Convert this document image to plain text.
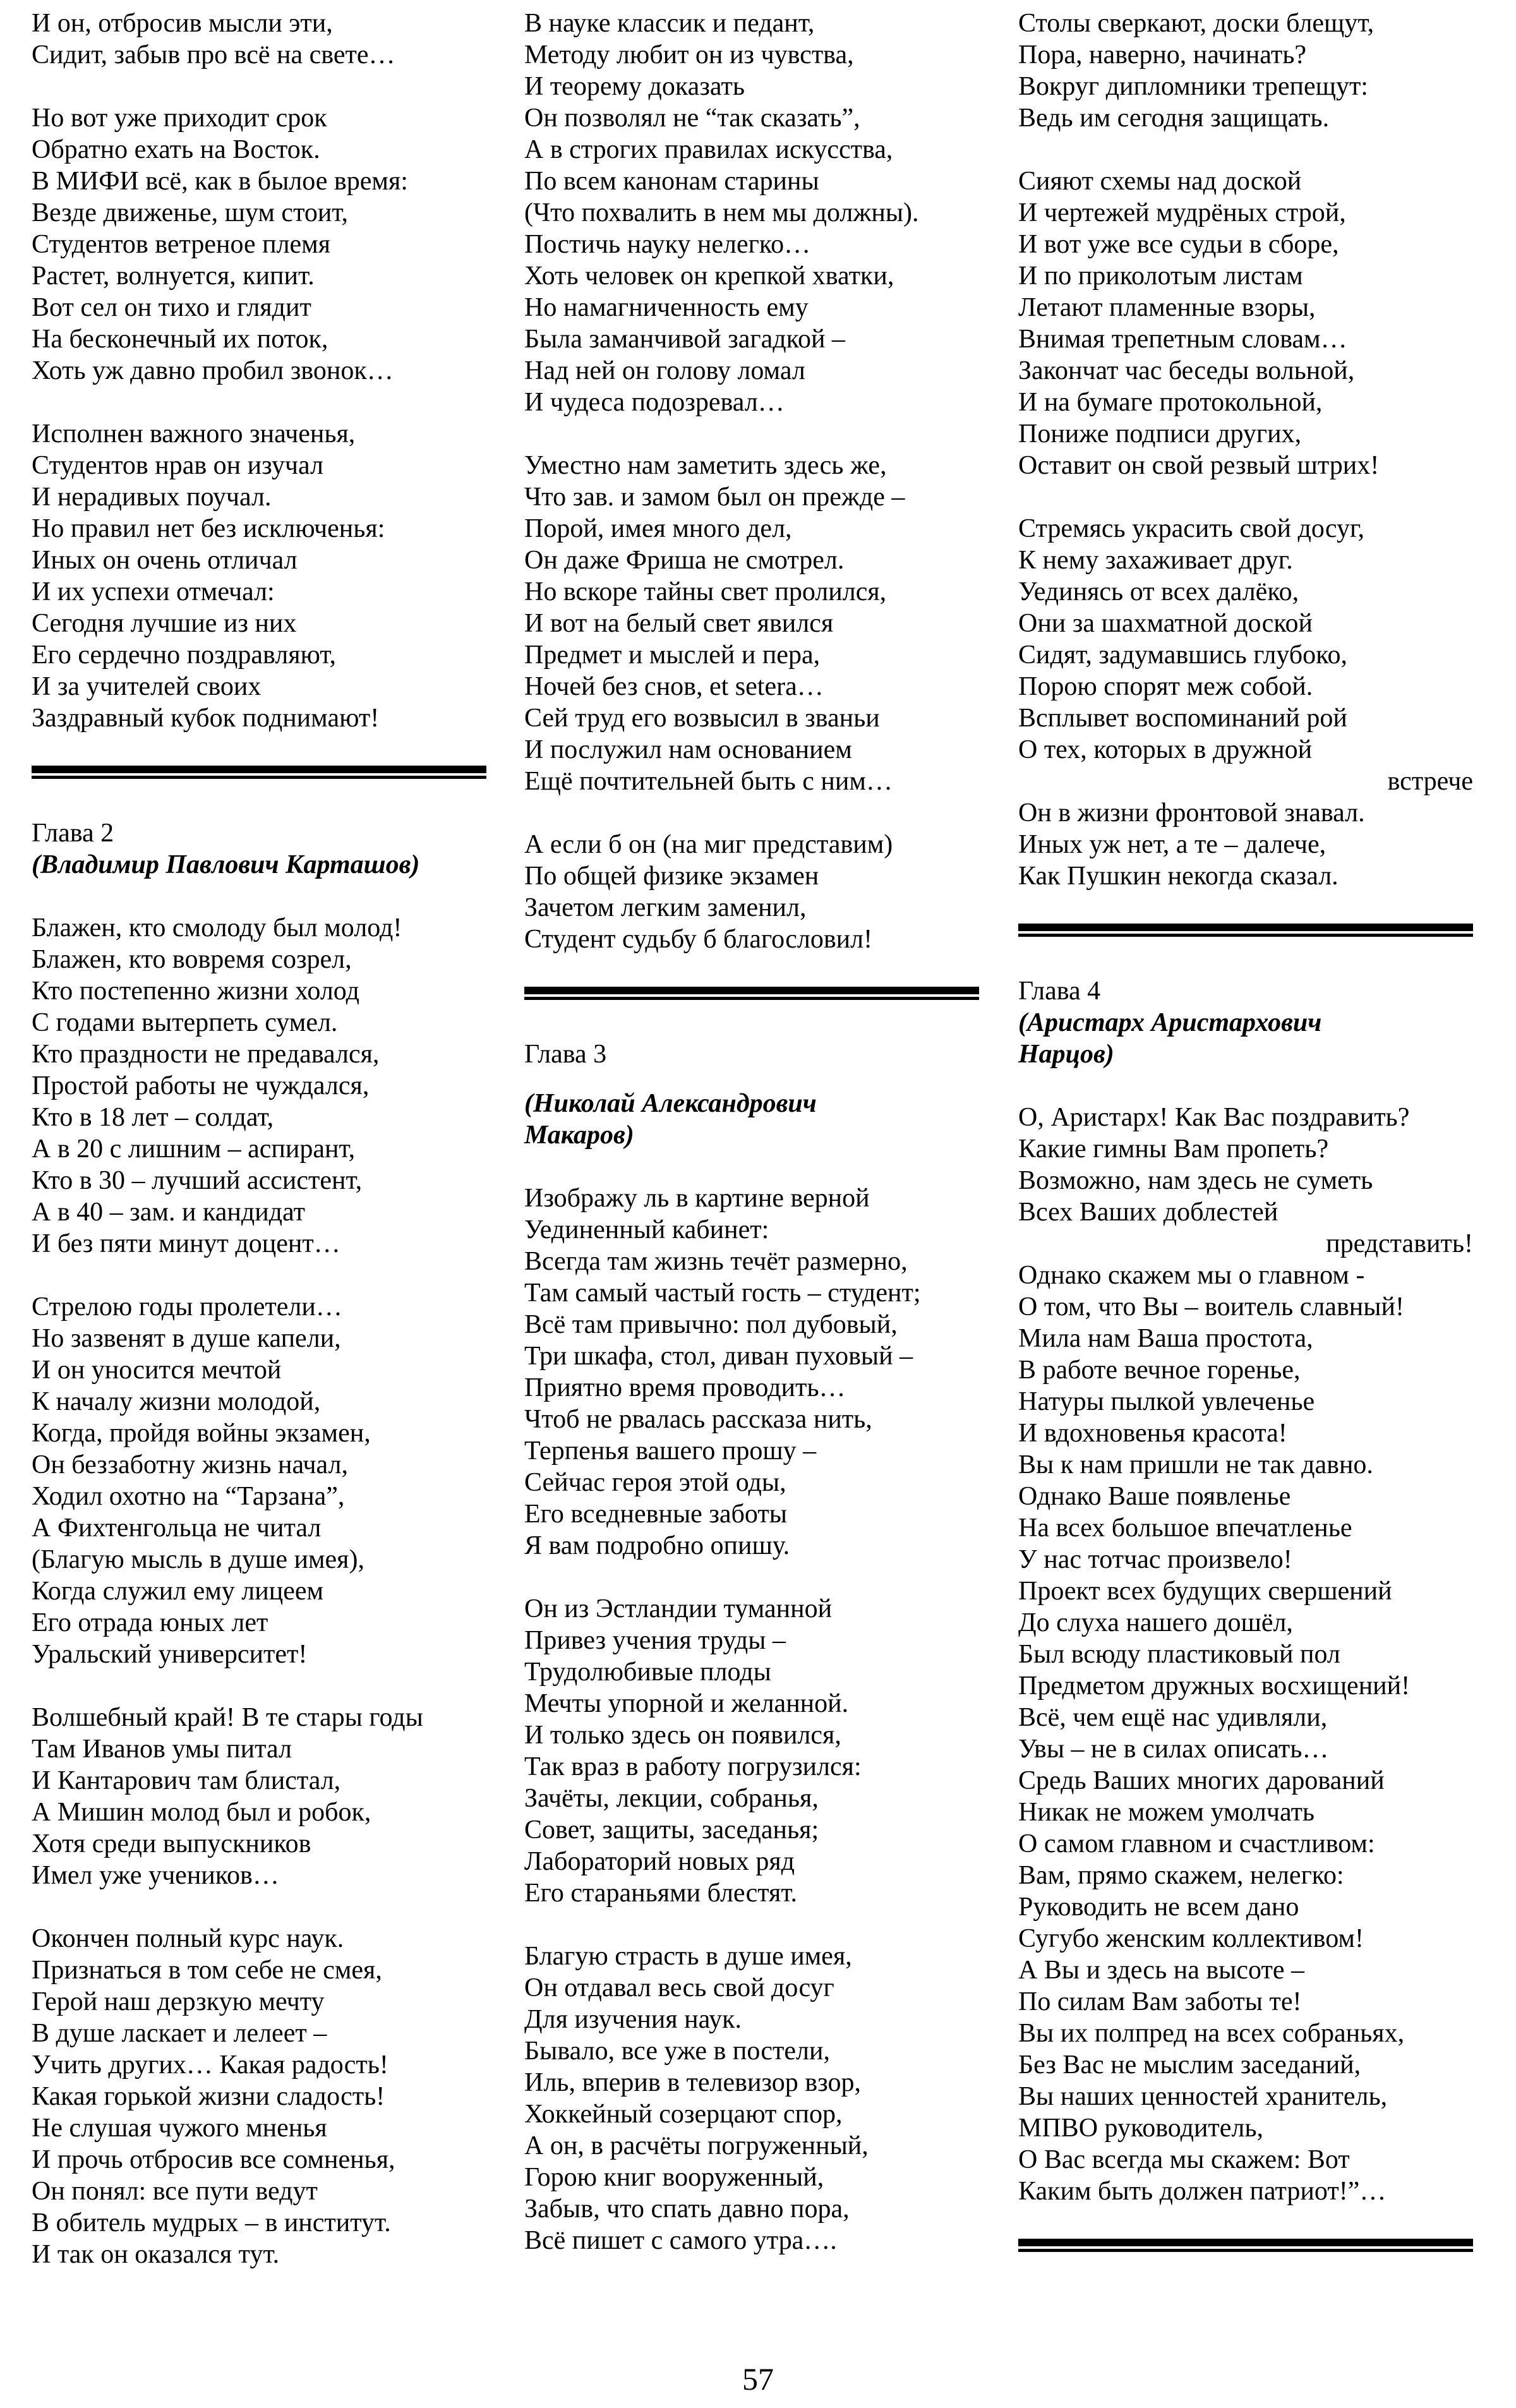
И он, отбросив мысли эти,
Сидит, забыв про всё на свете…
Но вот уже приходит срок
Обратно ехать на Восток.
В МИФИ всё, как в былое время:
Везде движенье, шум стоит,
Студентов ветреное племя
Растет, волнуется, кипит.
Вот сел он тихо и глядит
На бесконечный их поток,
Хоть уж давно пробил звонок…
Исполнен важного значенья,
Студентов нрав он изучал
И нерадивых поучал.
Но правил нет без исключенья:
Иных он очень отличал
И их успехи отмечал:
Сегодня лучшие из них
Его сердечно поздравляют,
И за учителей своих
Заздравный кубок поднимают!

Глава 2

(Владимир Павлович Карташов)

Блажен, кто смолоду был молод!
Блажен, кто вовремя созрел,
Кто постепенно жизни холод
С годами вытерпеть сумел.
Кто праздности не предавался,
Простой работы не чуждался,
Кто в 18 лет – солдат,
А в 20 с лишним – аспирант,
Кто в 30 – лучший ассистент,
А в 40 – зам. и кандидат
И без пяти минут доцент…
Стрелою годы пролетели…
Но зазвенят в душе капели,
И он уносится мечтой
К началу жизни молодой,
Когда, пройдя войны экзамен,
Он беззаботну жизнь начал,
Ходил охотно на “Тарзана”,
А Фихтенгольца не читал
(Благую мысль в душе имея),
Когда служил ему лицеем
Его отрада юных лет
Уральский университет!
Волшебный край! В те стары годы
Там Иванов умы питал
И Кантарович там блистал,
А Мишин молод был и робок,
Хотя среди выпускников
Имел уже учеников…
Окончен полный курс наук.
Признаться в том себе не смея,
Герой наш дерзкую мечту
В душе ласкает и лелеет –
Учить других… Какая радость!
Какая горькой жизни сладость!
Не слушая чужого мненья
И прочь отбросив все сомненья,
Он понял: все пути ведут
В обитель мудрых – в институт.
И так он оказался тут.
В науке классик и педант,
Методу любит он из чувства,
И теорему доказать
Он позволял не “так сказать”,
А в строгих правилах искусства,
По всем канонам старины
(Что похвалить в нем мы должны).
Постичь науку нелегко…
Хоть человек он крепкой хватки,
Но намагниченность ему
Была заманчивой загадкой –
Над ней он голову ломал
И чудеса подозревал…
Уместно нам заметить здесь же,
Что зав. и замом был он прежде –
Порой, имея много дел,
Он даже Фриша не смотрел.
Но вскоре тайны свет пролился,
И вот на белый свет явился
Предмет и мыслей и пера,
Ночей без снов, et setera…
Сей труд его возвысил в званьи
И послужил нам основанием
Ещё почтительней быть с ним…
А если б он (на миг представим)
По общей физике экзамен
Зачетом легким заменил,
Студент судьбу б благословил!

Глава 3

(Николай Александрович
Макаров)
Изображу ль в картине верной
Уединенный кабинет:
Всегда там жизнь течёт размерно,
Там самый частый гость – студент;
Всё там привычно: пол дубовый,
Три шкафа, стол, диван пуховый –
Приятно время проводить…
Чтоб не рвалась рассказа нить,
Терпенья вашего прошу –
Сейчас героя этой оды,
Его вседневные заботы
Я вам подробно опишу.
Он из Эстландии туманной
Привез учения труды –
Трудолюбивые плоды
Мечты упорной и желанной.
И только здесь он появился,
Так враз в работу погрузился:
Зачёты, лекции, собранья,
Совет, защиты, заседанья;
Лабораторий новых ряд
Его стараньями блестят.
Благую страсть в душе имея,
Он отдавал весь свой досуг
Для изучения наук.
Бывало, все уже в постели,
Иль, вперив в телевизор взор,
Хоккейный созерцают спор,
А он, в расчёты погруженный,
Горою книг вооруженный,
Забыв, что спать давно пора,
Всё пишет с самого утра….
Столы сверкают, доски блещут,
Пора, наверно, начинать?
Вокруг дипломники трепещут:
Ведь им сегодня защищать.
Сияют схемы над доской
И чертежей мудрёных строй,
И вот уже все судьи в сборе,
И по приколотым листам
Летают пламенные взоры,
Внимая трепетным словам…
Закончат час беседы вольной,
И на бумаге протокольной,
Пониже подписи других,
Оставит он свой резвый штрих!
Стремясь украсить свой досуг,
К нему захаживает друг.
Уединясь от всех далёко,
Они за шахматной доской
Сидят, задумавшись глубоко,
Порою спорят меж собой.
Всплывет воспоминаний рой
О тех, которых в дружной
встрече
Он в жизни фронтовой знавал.
Иных уж нет, а те – далече,
Как Пушкин некогда сказал.

Глава 4

(Аристарх Аристархович
Нарцов)
О, Аристарх! Как Вас поздравить?
Какие гимны Вам пропеть?
Возможно, нам здесь не суметь
Всех Ваших доблестей
представить!
Однако скажем мы о главном -
О том, что Вы – воитель славный!
Мила нам Ваша простота,
В работе вечное горенье,
Натуры пылкой увлеченье
И вдохновенья красота!
Вы к нам пришли не так давно.
Однако Ваше появленье
На всех большое впечатленье
У нас тотчас произвело!
Проект всех будущих свершений
До слуха нашего дошёл,
Был всюду пластиковый пол
Предметом дружных восхищений!
Всё, чем ещё нас удивляли,
Увы – не в силах описать…
Средь Ваших многих дарований
Никак не можем умолчать
О самом главном и счастливом:
Вам, прямо скажем, нелегко:
Руководить не всем дано
Сугубо женским коллективом!
А Вы и здесь на высоте –
По силам Вам заботы те!
Вы их полпред на всех собраньях,
Без Вас не мыслим заседаний,
Вы наших ценностей хранитель,
МПВО руководитель,
О Вас всегда мы скажем: Вот
Каким быть должен патриот!”…
57
